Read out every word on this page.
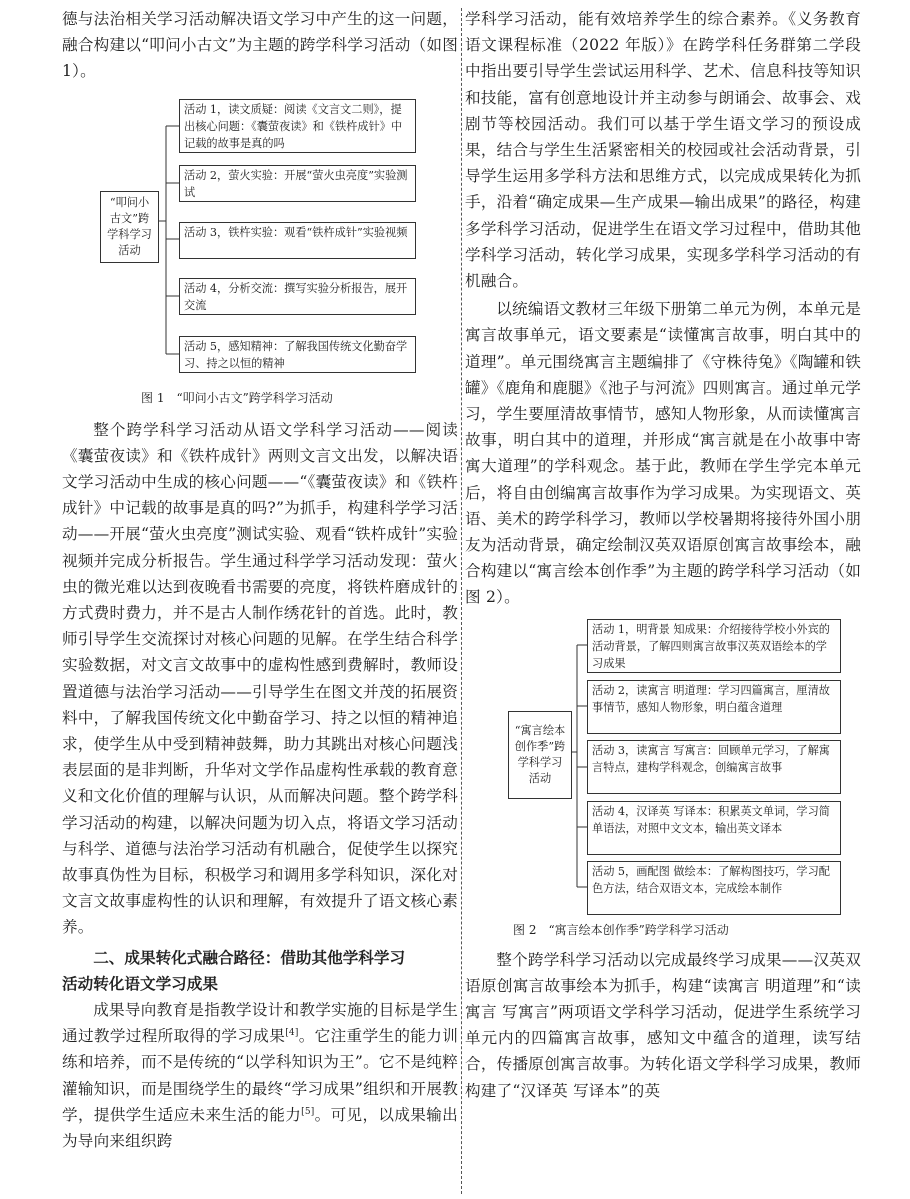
德与法治相关学习活动解决语文学习中产生的这一问题，融合构建以“叩问小古文”为主题的跨学科学习活动（如图 1）。

“叩问小古文”跨学科学习活动
活动 1，读文质疑：阅读《文言文二则》，提出核心问题：《囊萤夜读》和《铁杵成针》中记载的故事是真的吗
活动 2，萤火实验：开展“萤火虫亮度”实验测试
活动 3，铁杵实验：观看“铁杵成针”实验视频
活动 4，分析交流：撰写实验分析报告，展开交流
活动 5，感知精神：了解我国传统文化勤奋学习、持之以恒的精神
图 1　“叩问小古文”跨学科学习活动

整个跨学科学习活动从语文学科学习活动——阅读《囊萤夜读》和《铁杵成针》两则文言文出发，以解决语文学习活动中生成的核心问题——“《囊萤夜读》和《铁杵成针》中记载的故事是真的吗?”为抓手，构建科学学习活动——开展“萤火虫亮度”测试实验、观看“铁杵成针”实验视频并完成分析报告。学生通过科学学习活动发现：萤火虫的微光难以达到夜晚看书需要的亮度，将铁杵磨成针的方式费时费力，并不是古人制作绣花针的首选。此时，教师引导学生交流探讨对核心问题的见解。在学生结合科学实验数据，对文言文故事中的虚构性感到费解时，教师设置道德与法治学习活动——引导学生在图文并茂的拓展资料中，了解我国传统文化中勤奋学习、持之以恒的精神追求，使学生从中受到精神鼓舞，助力其跳出对核心问题浅表层面的是非判断，升华对文学作品虚构性承载的教育意义和文化价值的理解与认识，从而解决问题。整个跨学科学习活动的构建，以解决问题为切入点，将语文学习活动与科学、道德与法治学习活动有机融合，促使学生以探究故事真伪性为目标，积极学习和调用多学科知识，深化对文言文故事虚构性的认识和理解，有效提升了语文核心素养。

二、成果转化式融合路径：借助其他学科学习
活动转化语文学习成果

成果导向教育是指教学设计和教学实施的目标是学生通过教学过程所取得的学习成果[4]。它注重学生的能力训练和培养，而不是传统的“以学科知识为王”。它不是纯粹灌输知识，而是围绕学生的最终“学习成果”组织和开展教学，提供学生适应未来生活的能力[5]。可见，以成果输出为导向来组织跨

学科学习活动，能有效培养学生的综合素养。《义务教育语文课程标准（2022 年版）》在跨学科任务群第二学段中指出要引导学生尝试运用科学、艺术、信息科技等知识和技能，富有创意地设计并主动参与朗诵会、故事会、戏剧节等校园活动。我们可以基于学生语文学习的预设成果，结合与学生生活紧密相关的校园或社会活动背景，引导学生运用多学科方法和思维方式，以完成成果转化为抓手，沿着“确定成果—生产成果—输出成果”的路径，构建多学科学习活动，促进学生在语文学习过程中，借助其他学科学习活动，转化学习成果，实现多学科学习活动的有机融合。

以统编语文教材三年级下册第二单元为例，本单元是寓言故事单元，语文要素是“读懂寓言故事，明白其中的道理”。单元围绕寓言主题编排了《守株待兔》《陶罐和铁罐》《鹿角和鹿腿》《池子与河流》四则寓言。通过单元学习，学生要厘清故事情节，感知人物形象，从而读懂寓言故事，明白其中的道理，并形成“寓言就是在小故事中寄寓大道理”的学科观念。基于此，教师在学生学完本单元后，将自由创编寓言故事作为学习成果。为实现语文、英语、美术的跨学科学习，教师以学校暑期将接待外国小朋友为活动背景，确定绘制汉英双语原创寓言故事绘本，融合构建以“寓言绘本创作季”为主题的跨学科学习活动（如图 2）。

“寓言绘本创作季”跨学科学习活动
活动 1，明背景 知成果：介绍接待学校小外宾的活动背景，了解四则寓言故事汉英双语绘本的学习成果
活动 2，读寓言 明道理：学习四篇寓言，厘清故事情节，感知人物形象，明白蕴含道理
活动 3，读寓言 写寓言：回顾单元学习，了解寓言特点，建构学科观念，创编寓言故事
活动 4，汉译英 写译本：积累英文单词，学习简单语法，对照中文文本，输出英文译本
活动 5，画配图 做绘本：了解构图技巧，学习配色方法，结合双语文本，完成绘本制作
图 2　“寓言绘本创作季”跨学科学习活动

整个跨学科学习活动以完成最终学习成果——汉英双语原创寓言故事绘本为抓手，构建“读寓言 明道理”和“读寓言 写寓言”两项语文学科学习活动，促进学生系统学习单元内的四篇寓言故事，感知文中蕴含的道理，读写结合，传播原创寓言故事。为转化语文学科学习成果，教师构建了“汉译英 写译本”的英
